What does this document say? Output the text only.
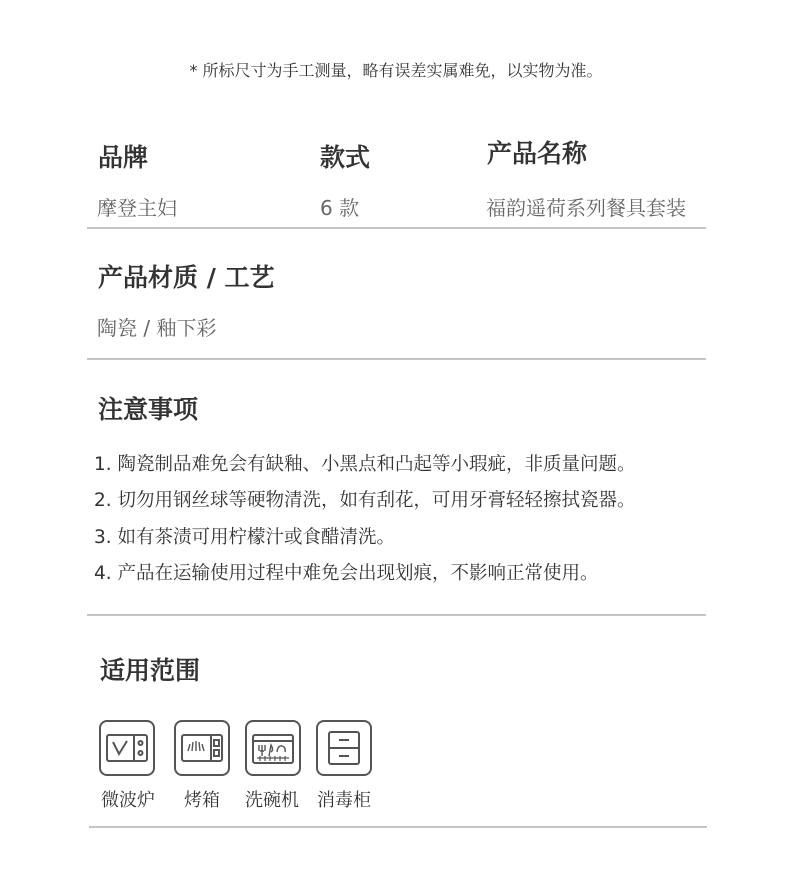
* 所标尺寸为手工测量，略有误差实属难免，以实物为准。
品牌	款式	产品名称
摩登主妇	6 款	福韵遥荷系列餐具套装
产品材质 / 工艺
陶瓷 / 釉下彩
注意事项
1. 陶瓷制品难免会有缺釉、小黑点和凸起等小瑕疵，非质量问题。
2. 切勿用钢丝球等硬物清洗，如有刮花，可用牙膏轻轻擦拭瓷器。
3. 如有茶渍可用柠檬汁或食醋清洗。
4. 产品在运输使用过程中难免会出现划痕，不影响正常使用。
适用范围
微波炉 烤箱 洗碗机 消毒柜
